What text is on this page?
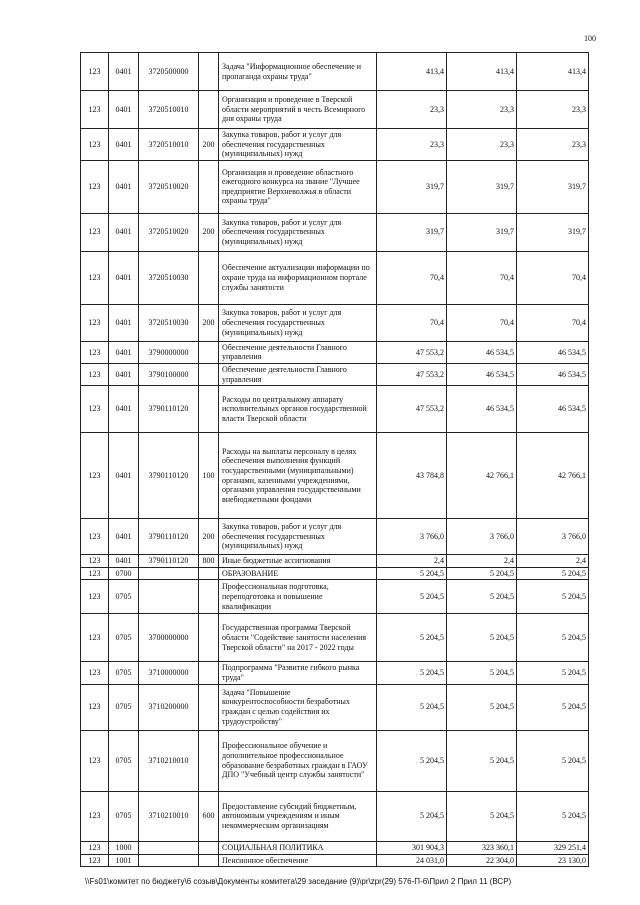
100
123	0401	3720500000		Задача "Информационное обеспечение и пропаганда охраны труда"	413,4	413,4	413,4
123	0401	3720510010		Организация и проведение в Тверской области мероприятий в честь Всемирного дня охраны труда	23,3	23,3	23,3
123	0401	3720510010	200	Закупка товаров, работ и услуг для обеспечения государственных (муниципальных) нужд	23,3	23,3	23,3
123	0401	3720510020		Организация и проведение областного ежегодного конкурса на звание "Лучшее предприятие Верхневолжья в области охраны труда"	319,7	319,7	319,7
123	0401	3720510020	200	Закупка товаров, работ и услуг для обеспечения государственных (муниципальных) нужд	319,7	319,7	319,7
123	0401	3720510030		Обеспечение актуализации информации по охране труда на информационном портале службы занятости	70,4	70,4	70,4
123	0401	3720510030	200	Закупка товаров, работ и услуг для обеспечения государственных (муниципальных) нужд	70,4	70,4	70,4
123	0401	3790000000		Обеспечение деятельности Главного управления	47 553,2	46 534,5	46 534,5
123	0401	3790100000		Обеспечение деятельности Главного управления	47 553,2	46 534,5	46 534,5
123	0401	3790110120		Расходы по центральному аппарату исполнительных органов государственной власти Тверской области	47 553,2	46 534,5	46 534,5
123	0401	3790110120	100	Расходы на выплаты персоналу в целях обеспечения выполнения функций государственными (муниципальными) органами, казенными учреждениями, органами управления государственными внебюджетными фондами	43 784,8	42 766,1	42 766,1
123	0401	3790110120	200	Закупка товаров, работ и услуг для обеспечения государственных (муниципальных) нужд	3 766,0	3 766,0	3 766,0
123	0401	3790110120	800	Иные бюджетные ассигнования	2,4	2,4	2,4
123	0700			ОБРАЗОВАНИЕ	5 204,5	5 204,5	5 204,5
123	0705			Профессиональная подготовка, переподготовка и повышение квалификации	5 204,5	5 204,5	5 204,5
123	0705	3700000000		Государственная программа Тверской области "Содействие занятости населения Тверской области" на 2017 - 2022 годы	5 204,5	5 204,5	5 204,5
123	0705	3710000000		Подпрограмма "Развитие гибкого рынка труда"	5 204,5	5 204,5	5 204,5
123	0705	3710200000		Задача "Повышение конкурентоспособности безработных граждан с целью содействия их трудоустройству"	5 204,5	5 204,5	5 204,5
123	0705	3710210010		Профессиональное обучение и дополнительное профессиональное образование безработных граждан в ГАОУ ДПО "Учебный центр службы занятости"	5 204,5	5 204,5	5 204,5
123	0705	3710210010	600	Предоставление субсидий бюджетным, автономным учреждениям и иным некоммерческим организациям	5 204,5	5 204,5	5 204,5
123	1000			СОЦИАЛЬНАЯ ПОЛИТИКА	301 904,3	323 360,1	329 251,4
123	1001			Пенсионное обеспечение	24 031,0	22 304,0	23 130,0
\\Fs01\комитет по бюджету\6 созыв\Документы комитета\29 заседание (9)\pr\zpr(29) 576-П-6\Прил 2 Прил 11 (ВСР)
